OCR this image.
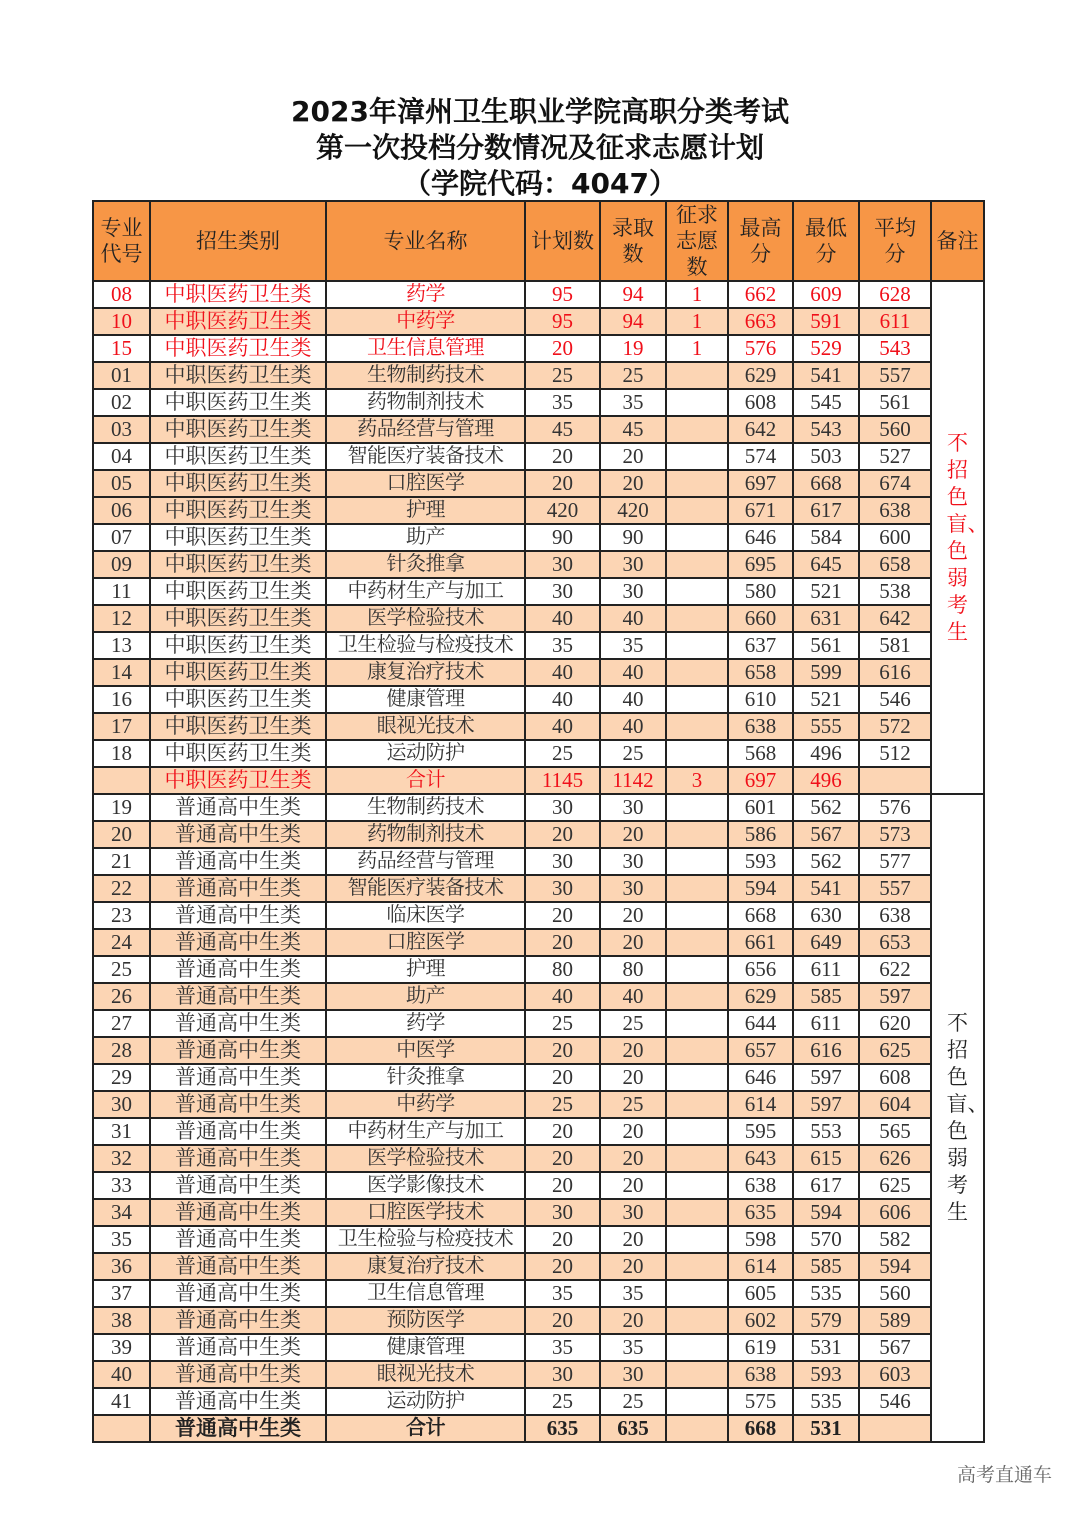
2023年漳州卫生职业学院高职分类考试
第一次投档分数情况及征求志愿计划
（学院代码：4047）
专业代号	招生类别	专业名称	计划数	录取数	征求志愿数	最高分	最低分	平均分	备注
08	中职医药卫生类	药学	95	94	1	662	609	628	不招色盲、色弱考生
10	中职医药卫生类	中药学	95	94	1	663	591	611	
15	中职医药卫生类	卫生信息管理	20	19	1	576	529	543	
01	中职医药卫生类	生物制药技术	25	25		629	541	557	
02	中职医药卫生类	药物制剂技术	35	35		608	545	561	
03	中职医药卫生类	药品经营与管理	45	45		642	543	560	
04	中职医药卫生类	智能医疗装备技术	20	20		574	503	527	
05	中职医药卫生类	口腔医学	20	20		697	668	674	
06	中职医药卫生类	护理	420	420		671	617	638	
07	中职医药卫生类	助产	90	90		646	584	600	
09	中职医药卫生类	针灸推拿	30	30		695	645	658	
11	中职医药卫生类	中药材生产与加工	30	30		580	521	538	
12	中职医药卫生类	医学检验技术	40	40		660	631	642	
13	中职医药卫生类	卫生检验与检疫技术	35	35		637	561	581	
14	中职医药卫生类	康复治疗技术	40	40		658	599	616	
16	中职医药卫生类	健康管理	40	40		610	521	546	
17	中职医药卫生类	眼视光技术	40	40		638	555	572	
18	中职医药卫生类	运动防护	25	25		568	496	512	
	中职医药卫生类	合计	1145	1142	3	697	496		
19	普通高中生类	生物制药技术	30	30		601	562	576	不招色盲、色弱考生
20	普通高中生类	药物制剂技术	20	20		586	567	573	
21	普通高中生类	药品经营与管理	30	30		593	562	577	
22	普通高中生类	智能医疗装备技术	30	30		594	541	557	
23	普通高中生类	临床医学	20	20		668	630	638	
24	普通高中生类	口腔医学	20	20		661	649	653	
25	普通高中生类	护理	80	80		656	611	622	
26	普通高中生类	助产	40	40		629	585	597	
27	普通高中生类	药学	25	25		644	611	620	
28	普通高中生类	中医学	20	20		657	616	625	
29	普通高中生类	针灸推拿	20	20		646	597	608	
30	普通高中生类	中药学	25	25		614	597	604	
31	普通高中生类	中药材生产与加工	20	20		595	553	565	
32	普通高中生类	医学检验技术	20	20		643	615	626	
33	普通高中生类	医学影像技术	20	20		638	617	625	
34	普通高中生类	口腔医学技术	30	30		635	594	606	
35	普通高中生类	卫生检验与检疫技术	20	20		598	570	582	
36	普通高中生类	康复治疗技术	20	20		614	585	594	
37	普通高中生类	卫生信息管理	35	35		605	535	560	
38	普通高中生类	预防医学	20	20		602	579	589	
39	普通高中生类	健康管理	35	35		619	531	567	
40	普通高中生类	眼视光技术	30	30		638	593	603	
41	普通高中生类	运动防护	25	25		575	535	546	
	普通高中生类	合计	635	635		668	531		
高考直通车
